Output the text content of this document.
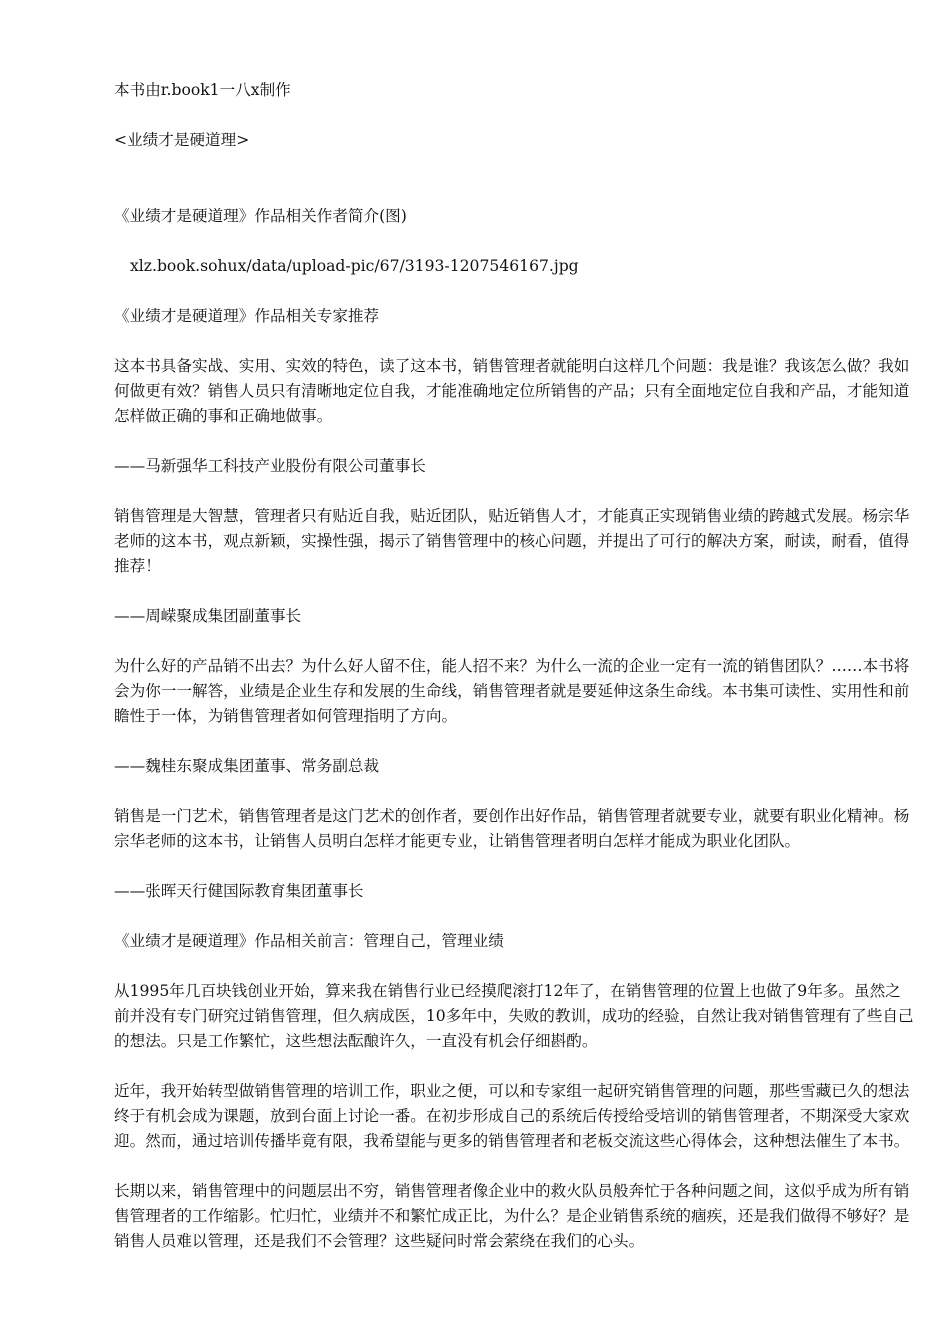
本书由r.book1一八x制作

<业绩才是硬道理>

《业绩才是硬道理》作品相关作者简介(图)

xlz.book.sohux/data/upload-pic/67/3193-1207546167.jpg

《业绩才是硬道理》作品相关专家推荐

这本书具备实战、实用、实效的特色，读了这本书，销售管理者就能明白这样几个问题：我是谁？我该怎么做？我如何做更有效？销售人员只有清晰地定位自我，才能准确地定位所销售的产品；只有全面地定位自我和产品，才能知道怎样做正确的事和正确地做事。

——马新强华工科技产业股份有限公司董事长

销售管理是大智慧，管理者只有贴近自我，贴近团队，贴近销售人才，才能真正实现销售业绩的跨越式发展。杨宗华老师的这本书，观点新颖，实操性强，揭示了销售管理中的核心问题，并提出了可行的解决方案，耐读，耐看，值得推荐！

——周嵘聚成集团副董事长

为什么好的产品销不出去？为什么好人留不住，能人招不来？为什么一流的企业一定有一流的销售团队？……本书将会为你一一解答，业绩是企业生存和发展的生命线，销售管理者就是要延伸这条生命线。本书集可读性、实用性和前瞻性于一体，为销售管理者如何管理指明了方向。

——魏桂东聚成集团董事、常务副总裁

销售是一门艺术，销售管理者是这门艺术的创作者，要创作出好作品，销售管理者就要专业，就要有职业化精神。杨宗华老师的这本书，让销售人员明白怎样才能更专业，让销售管理者明白怎样才能成为职业化团队。

——张晖天行健国际教育集团董事长

《业绩才是硬道理》作品相关前言：管理自己，管理业绩

从1995年几百块钱创业开始，算来我在销售行业已经摸爬滚打12年了，在销售管理的位置上也做了9年多。虽然之前并没有专门研究过销售管理，但久病成医，10多年中，失败的教训，成功的经验，自然让我对销售管理有了些自己的想法。只是工作繁忙，这些想法酝酿许久，一直没有机会仔细斟酌。

近年，我开始转型做销售管理的培训工作，职业之便，可以和专家组一起研究销售管理的问题，那些雪藏已久的想法终于有机会成为课题，放到台面上讨论一番。在初步形成自己的系统后传授给受培训的销售管理者，不期深受大家欢迎。然而，通过培训传播毕竟有限，我希望能与更多的销售管理者和老板交流这些心得体会，这种想法催生了本书。

长期以来，销售管理中的问题层出不穷，销售管理者像企业中的救火队员般奔忙于各种问题之间，这似乎成为所有销售管理者的工作缩影。忙归忙，业绩并不和繁忙成正比，为什么？是企业销售系统的痼疾，还是我们做得不够好？是销售人员难以管理，还是我们不会管理？这些疑问时常会萦绕在我们的心头。
